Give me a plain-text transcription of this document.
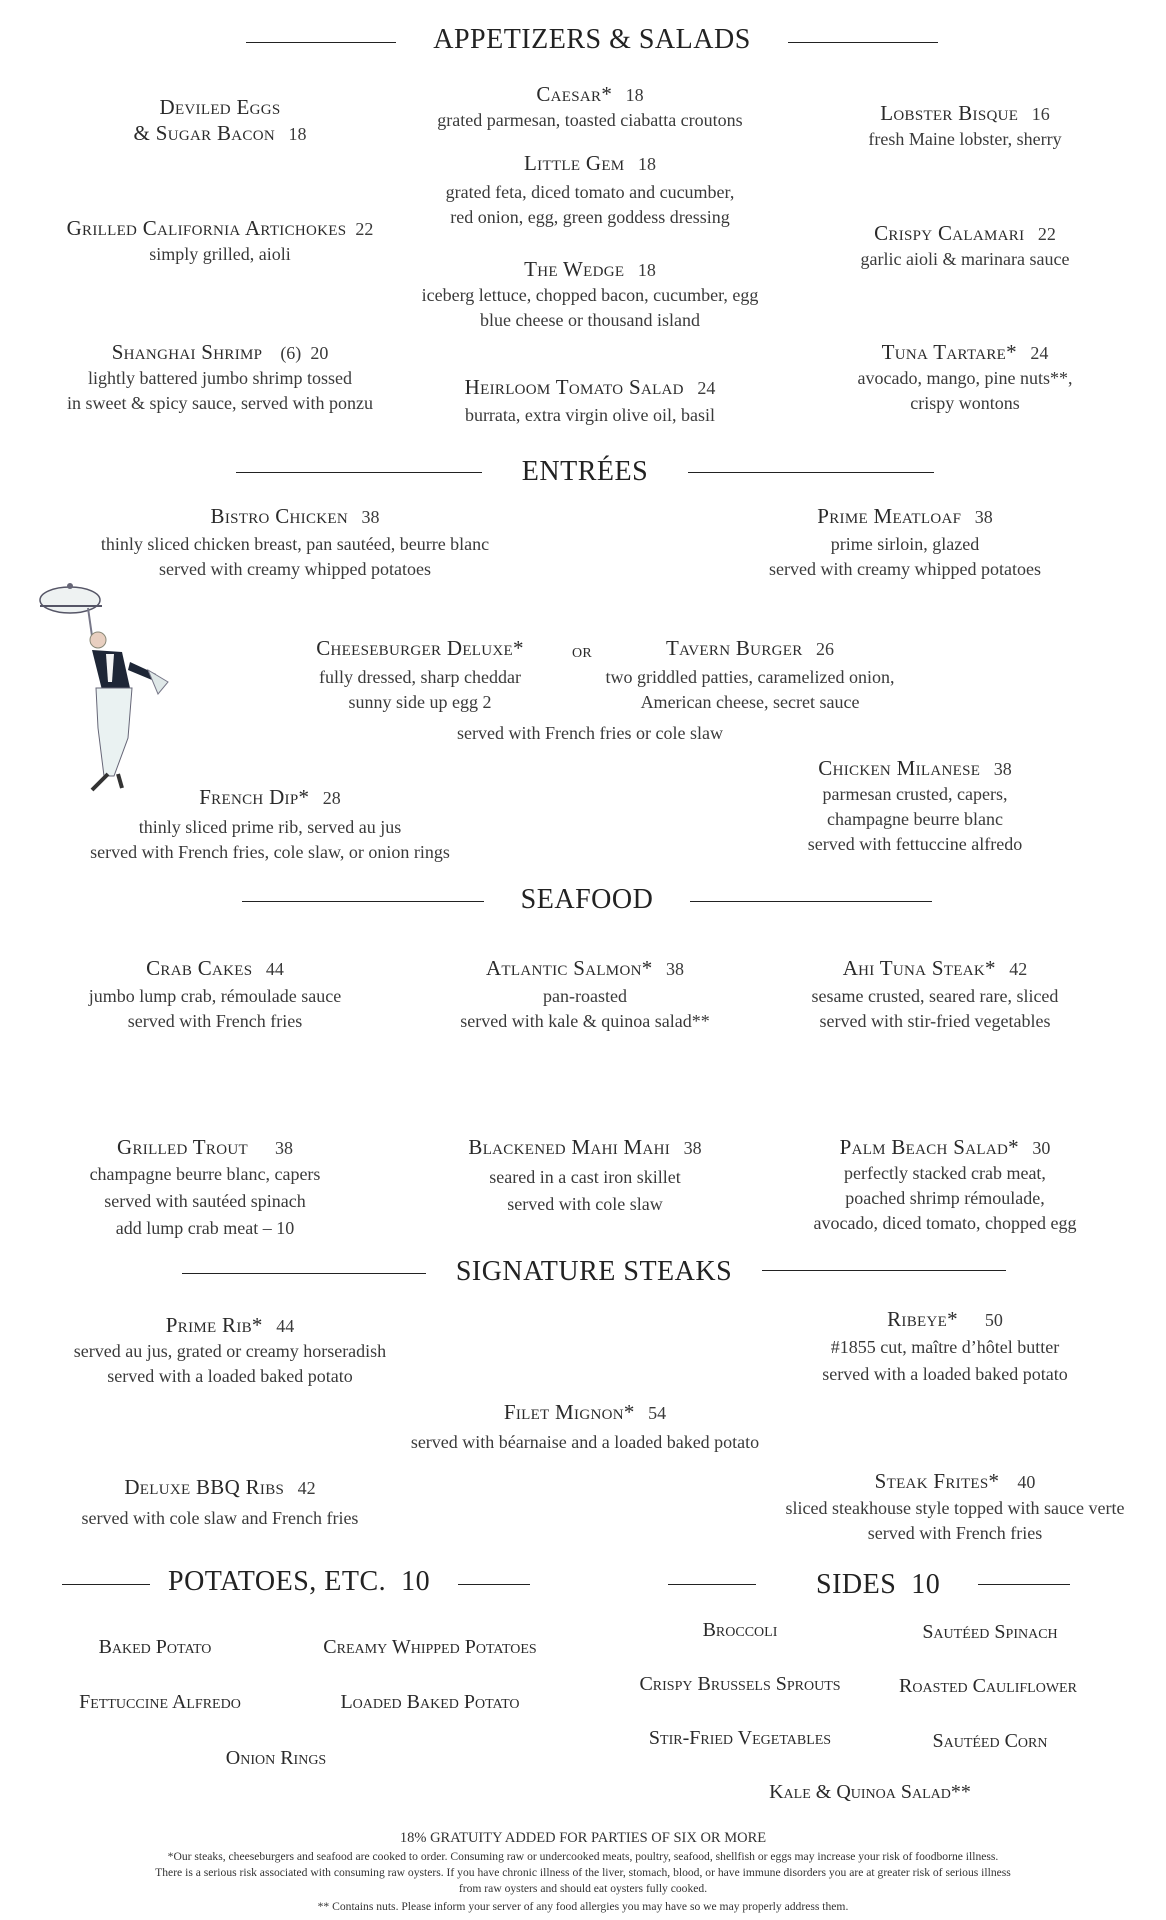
APPETIZERS & SALADS
Deviled Eggs
& Sugar Bacon 18
Caesar* 18
grated parmesan, toasted ciabatta croutons	Lobster Bisque 16
fresh Maine lobster, sherry
Little Gem 18
grated feta, diced tomato and cucumber,
red onion, egg, green goddess dressing
Grilled California Artichokes 22
simply grilled, aioli
Crispy Calamari 22
garlic aioli & marinara sauce
The Wedge 18
iceberg lettuce, chopped bacon, cucumber, egg
blue cheese or thousand island
Shanghai Shrimp (6) 20
lightly battered jumbo shrimp tossed
in sweet & spicy sauce, served with ponzu
Tuna Tartare* 24
avocado, mango, pine nuts**,
crispy wontons
Heirloom Tomato Salad 24
burrata, extra virgin olive oil, basil
ENTRÉES
Bistro Chicken 38
thinly sliced chicken breast, pan sautéed, beurre blanc
served with creamy whipped potatoes
Prime Meatloaf 38
prime sirloin, glazed
served with creamy whipped potatoes
Cheeseburger Deluxe*
fully dressed, sharp cheddar
sunny side up egg 2
or	Tavern Burger 26
two griddled patties, caramelized onion,
American cheese, secret sauce
served with French fries or cole slaw
Chicken Milanese 38
parmesan crusted, capers,
champagne beurre blanc
served with fettuccine alfredo
French Dip* 28
thinly sliced prime rib, served au jus
served with French fries, cole slaw, or onion rings
SEAFOOD
Crab Cakes 44
jumbo lump crab, rémoulade sauce
served with French fries
Atlantic Salmon* 38
pan-roasted
served with kale & quinoa salad**
Ahi Tuna Steak* 42
sesame crusted, seared rare, sliced
served with stir-fried vegetables
Grilled Trout 38
champagne beurre blanc, capers
served with sautéed spinach
add lump crab meat – 10
Blackened Mahi Mahi 38
seared in a cast iron skillet
served with cole slaw
Palm Beach Salad* 30
perfectly stacked crab meat,
poached shrimp rémoulade,
avocado, diced tomato, chopped egg
SIGNATURE STEAKS
Prime Rib* 44
served au jus, grated or creamy horseradish
served with a loaded baked potato
Ribeye* 50
#1855 cut, maître d’hôtel butter
served with a loaded baked potato
Filet Mignon* 54
served with béarnaise and a loaded baked potato
Deluxe BBQ Ribs 42
served with cole slaw and French fries
Steak Frites* 40
sliced steakhouse style topped with sauce verte
served with French fries
POTATOES, ETC. 10
Baked Potato	Creamy Whipped Potatoes
Fettuccine Alfredo	Loaded Baked Potato
Onion Rings
SIDES 10
Broccoli	Sautéed Spinach
Crispy Brussels Sprouts	Roasted Cauliflower
Stir-Fried Vegetables	Sautéed Corn
Kale & Quinoa Salad**
18% GRATUITY ADDED FOR PARTIES OF SIX OR MORE
*Our steaks, cheeseburgers and seafood are cooked to order. Consuming raw or undercooked meats, poultry, seafood, shellfish or eggs may increase your risk of foodborne illness.
There is a serious risk associated with consuming raw oysters. If you have chronic illness of the liver, stomach, blood, or have immune disorders you are at greater risk of serious illness
from raw oysters and should eat oysters fully cooked.
** Contains nuts. Please inform your server of any food allergies you may have so we may properly address them.
